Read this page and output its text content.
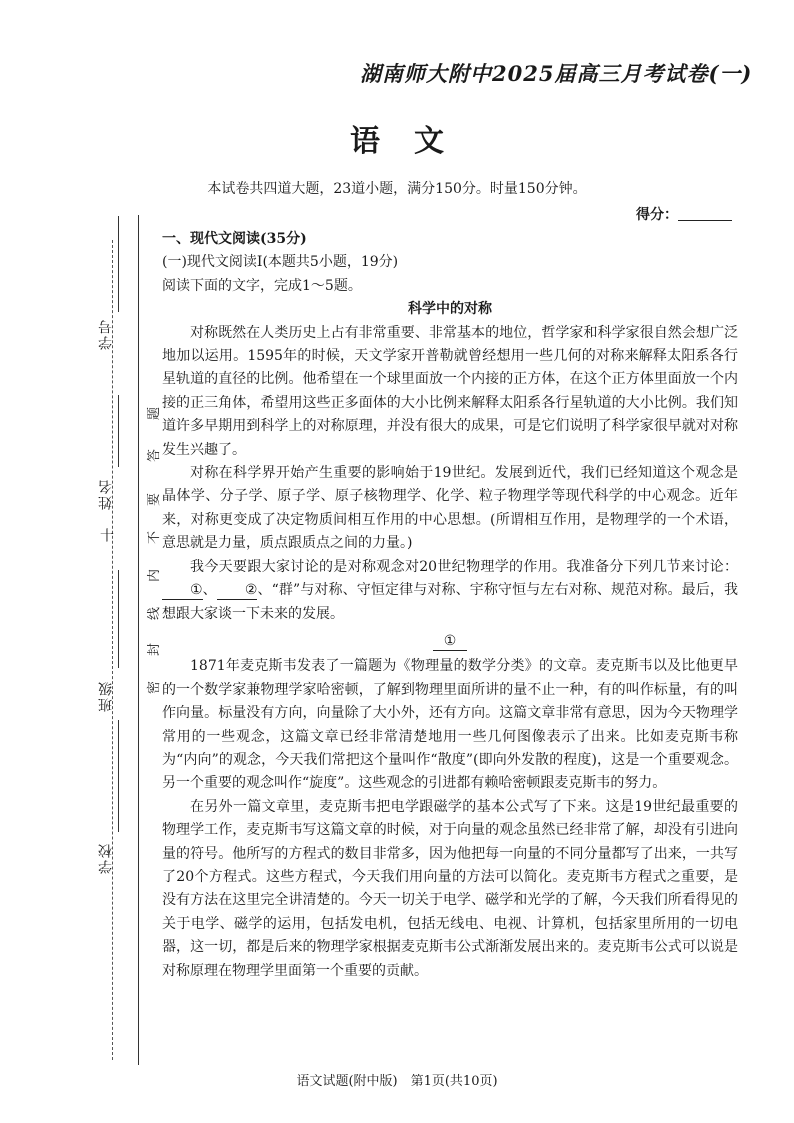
学号
姓名
十
班级
学校
题
答
要
不
内
线
封
密
湖南师大附中2025届高三月考试卷(一)
语文

本试卷共四道大题，23道小题，满分150分。时量150分钟。

得分：

一、现代文阅读(35分)

(一)现代文阅读Ⅰ(本题共5小题，19分)

阅读下面的文字，完成1～5题。

科学中的对称

对称既然在人类历史上占有非常重要、非常基本的地位，哲学家和科学家很自然会想广泛地加以运用。1595年的时候，天文学家开普勒就曾经想用一些几何的对称来解释太阳系各行星轨道的直径的比例。他希望在一个球里面放一个内接的正方体，在这个正方体里面放一个内接的正三角体，希望用这些正多面体的大小比例来解释太阳系各行星轨道的大小比例。我们知道许多早期用到科学上的对称原理，并没有很大的成果，可是它们说明了科学家很早就对对称发生兴趣了。

对称在科学界开始产生重要的影响始于19世纪。发展到近代，我们已经知道这个观念是晶体学、分子学、原子学、原子核物理学、化学、粒子物理学等现代科学的中心观念。近年来，对称更变成了决定物质间相互作用的中心思想。(所谓相互作用，是物理学的一个术语，意思就是力量，质点跟质点之间的力量。)

我今天要跟大家讨论的是对称观念对20世纪物理学的作用。我准备分下列几节来讨论：①、 ②、“群”与对称、守恒定律与对称、宇称守恒与左右对称、规范对称。最后，我想跟大家谈一下未来的发展。

①

1871年麦克斯韦发表了一篇题为《物理量的数学分类》的文章。麦克斯韦以及比他更早的一个数学家兼物理学家哈密顿，了解到物理里面所讲的量不止一种，有的叫作标量，有的叫作向量。标量没有方向，向量除了大小外，还有方向。这篇文章非常有意思，因为今天物理学常用的一些观念，这篇文章已经非常清楚地用一些几何图像表示了出来。比如麦克斯韦称为“内向”的观念，今天我们常把这个量叫作“散度”(即向外发散的程度)，这是一个重要观念。另一个重要的观念叫作“旋度”。这些观念的引进都有赖哈密顿跟麦克斯韦的努力。

在另外一篇文章里，麦克斯韦把电学跟磁学的基本公式写了下来。这是19世纪最重要的物理学工作，麦克斯韦写这篇文章的时候，对于向量的观念虽然已经非常了解，却没有引进向量的符号。他所写的方程式的数目非常多，因为他把每一向量的不同分量都写了出来，一共写了20个方程式。这些方程式，今天我们用向量的方法可以简化。麦克斯韦方程式之重要，是没有方法在这里完全讲清楚的。今天一切关于电学、磁学和光学的了解，今天我们所看得见的关于电学、磁学的运用，包括发电机，包括无线电、电视、计算机，包括家里所用的一切电器，这一切，都是后来的物理学家根据麦克斯韦公式渐渐发展出来的。麦克斯韦公式可以说是对称原理在物理学里面第一个重要的贡献。

语文试题(附中版)　第1页(共10页)
